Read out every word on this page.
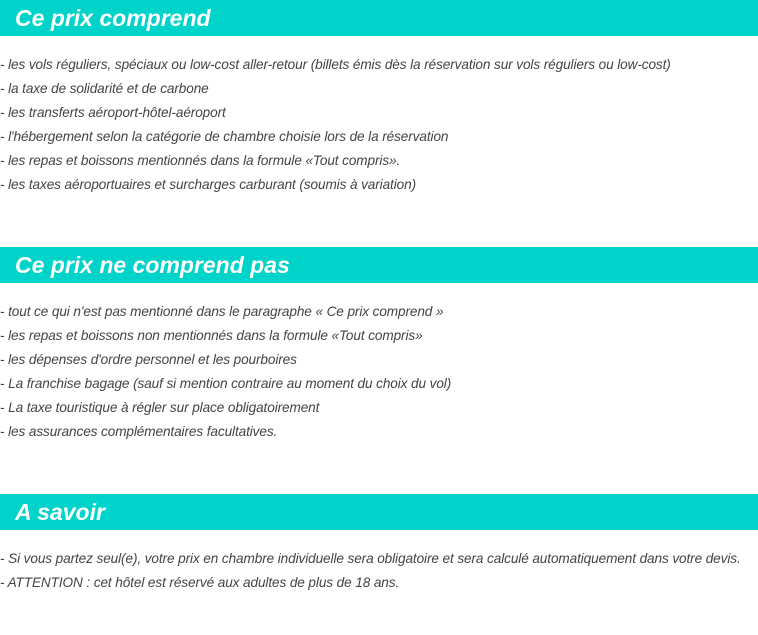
Ce prix comprend
- les vols réguliers, spéciaux ou low-cost aller-retour (billets émis dès la réservation sur vols réguliers ou low-cost)
- la taxe de solidarité et de carbone
- les transferts aéroport-hôtel-aéroport
- l'hébergement selon la catégorie de chambre choisie lors de la réservation
- les repas et boissons mentionnés dans la formule «Tout compris».
- les taxes aéroportuaires et surcharges carburant (soumis à variation)
Ce prix ne comprend pas
- tout ce qui n'est pas mentionné dans le paragraphe « Ce prix comprend »
- les repas et boissons non mentionnés dans la formule «Tout compris»
- les dépenses d'ordre personnel et les pourboires
- La franchise bagage (sauf si mention contraire au moment du choix du vol)
- La taxe touristique à régler sur place obligatoirement
- les assurances complémentaires facultatives.
A savoir
- Si vous partez seul(e), votre prix en chambre individuelle sera obligatoire et sera calculé automatiquement dans votre devis.
- ATTENTION : cet hôtel est réservé aux adultes de plus de 18 ans.
